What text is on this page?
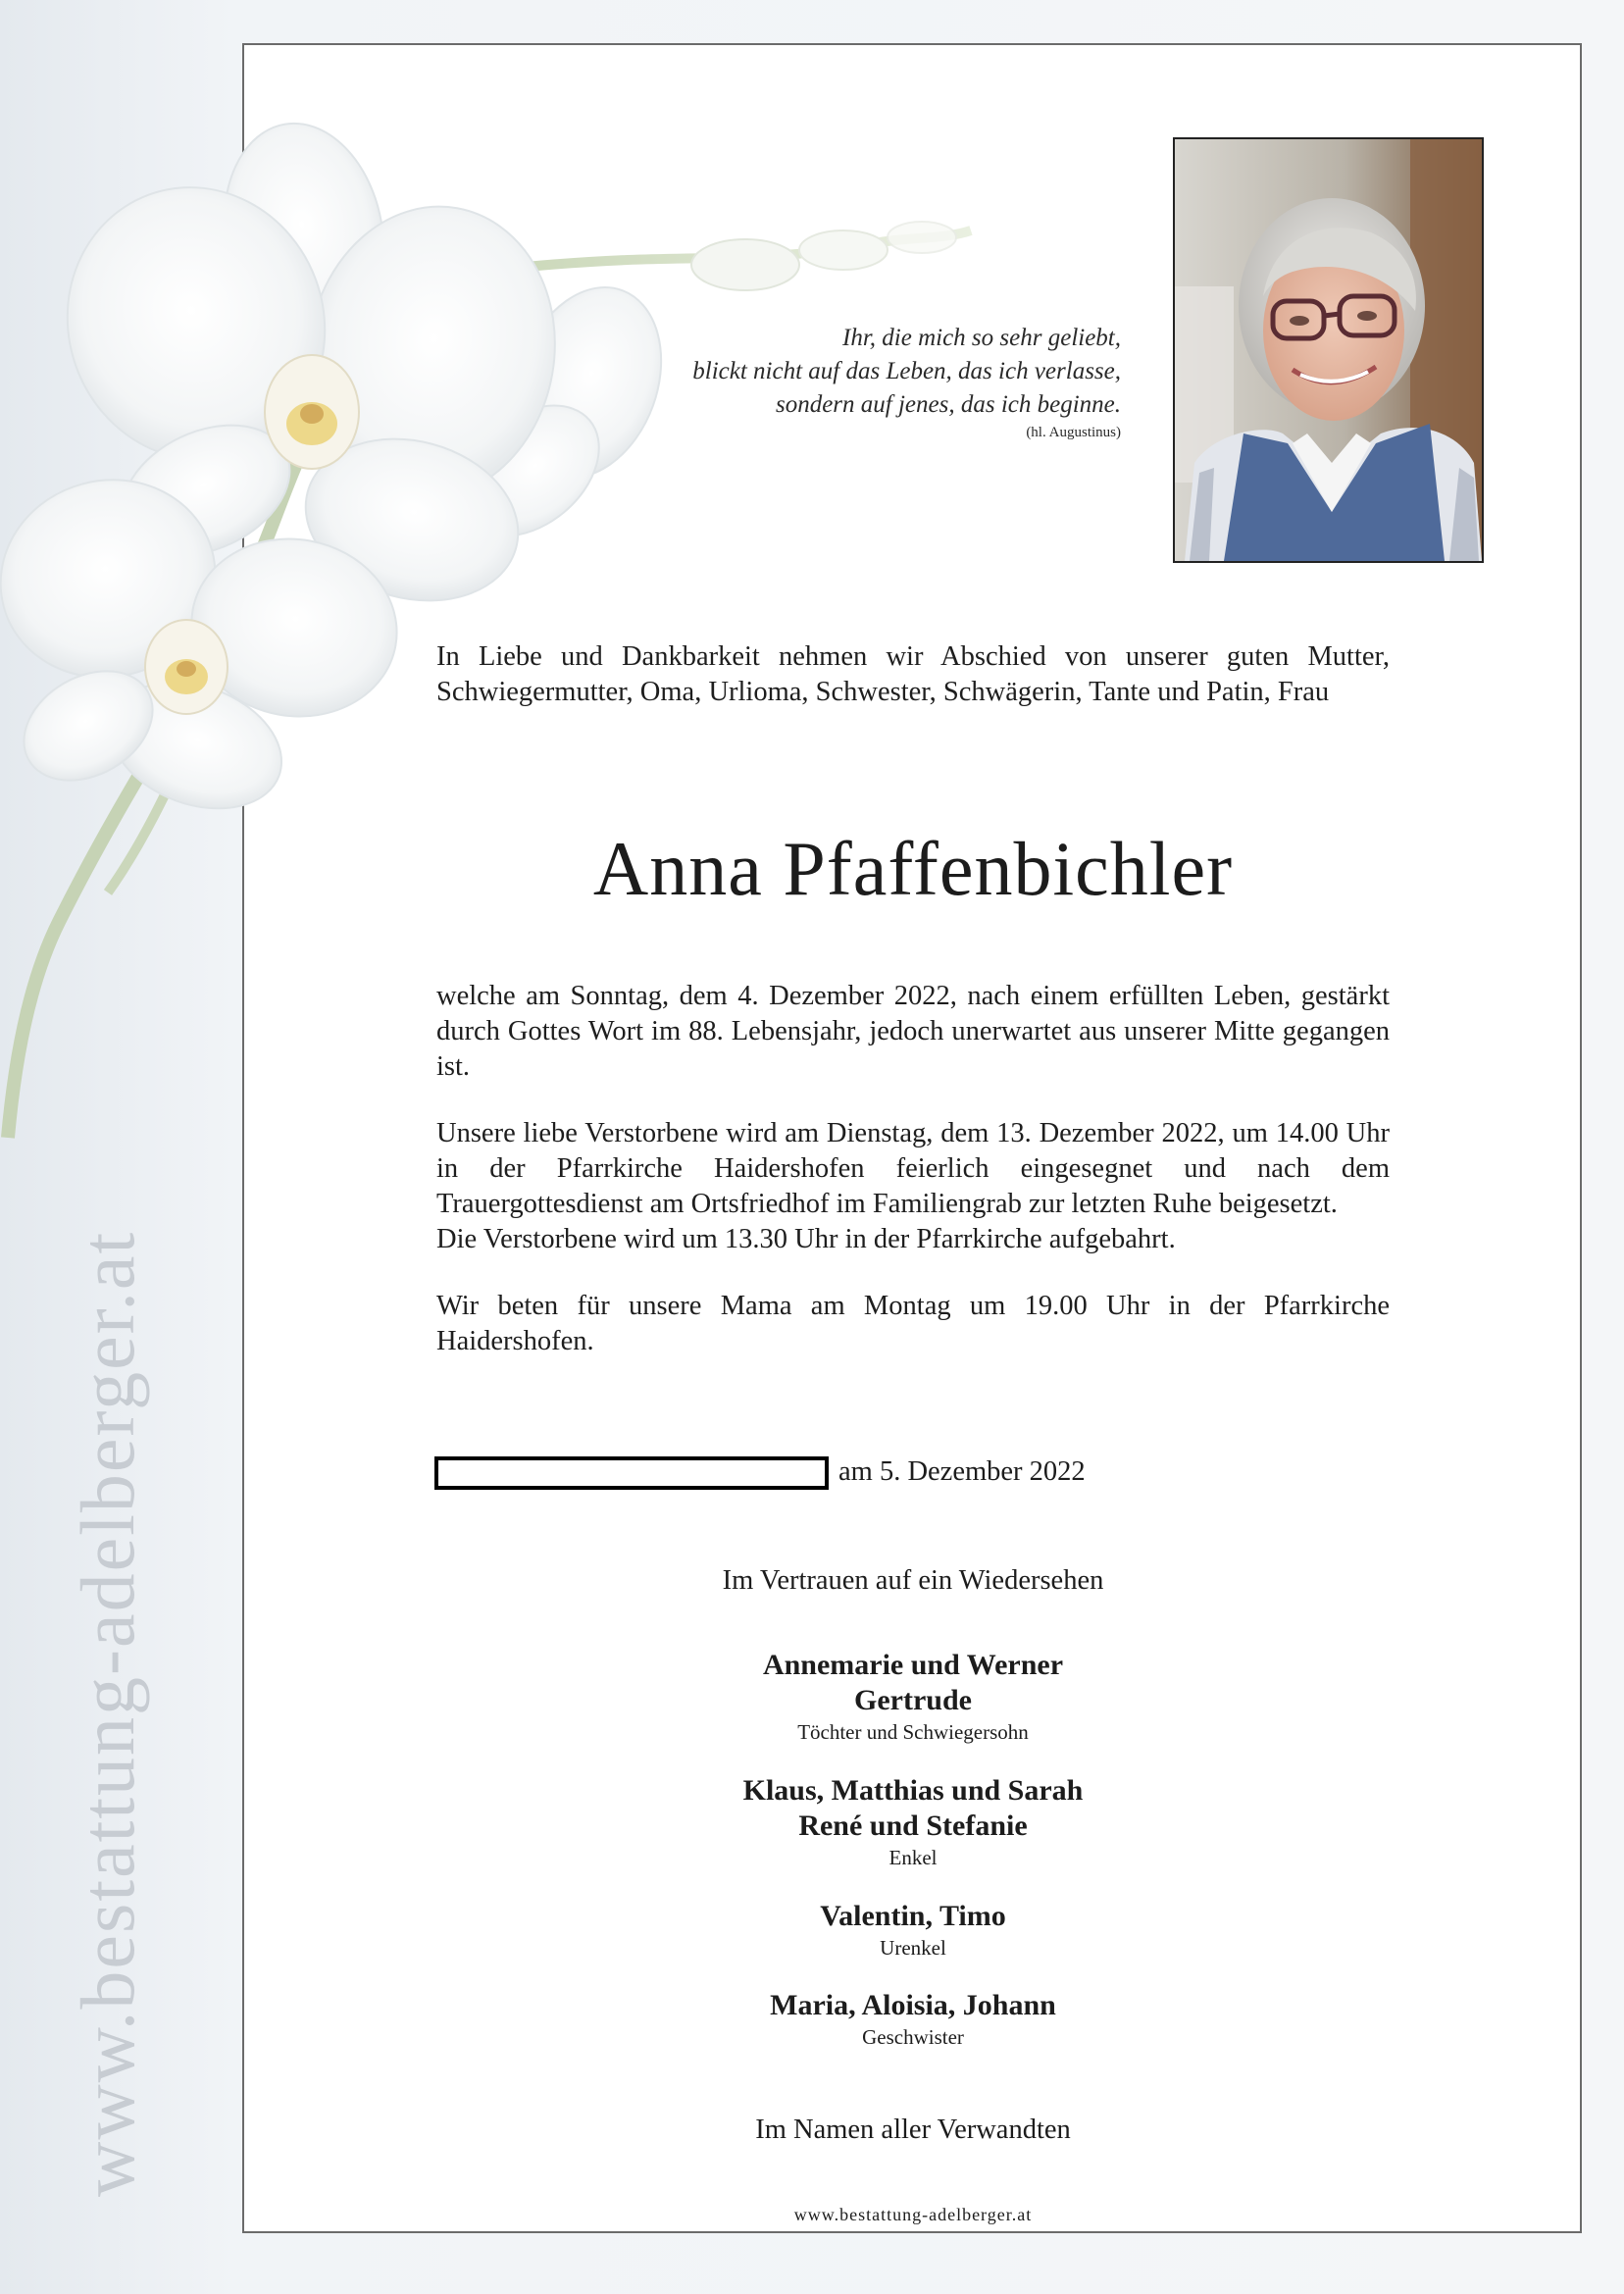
www.bestattung-adelberger.at
Ihr, die mich so sehr geliebt,
blickt nicht auf das Leben, das ich verlasse,
sondern auf jenes, das ich beginne.
(hl. Augustinus)

In Liebe und Dankbarkeit nehmen wir Abschied von unserer guten Mutter, Schwiegermutter, Oma, Urlioma, Schwester, Schwägerin, Tante und Patin, Frau

Anna Pfaffenbichler

welche am Sonntag, dem 4. Dezember 2022, nach einem erfüllten Leben, gestärkt durch Gottes Wort im 88. Lebensjahr, jedoch unerwartet aus unserer Mitte gegangen ist.

Unsere liebe Verstorbene wird am Dienstag, dem 13. Dezember 2022, um 14.00 Uhr in der Pfarrkirche Haidershofen feierlich eingesegnet und nach dem Trauergottesdienst am Ortsfriedhof im Familiengrab zur letzten Ruhe beigesetzt.

Die Verstorbene wird um 13.30 Uhr in der Pfarrkirche aufgebahrt.

Wir beten für unsere Mama am Montag um 19.00 Uhr in der Pfarrkirche Haidershofen.

am 5. Dezember 2022
Im Vertrauen auf ein Wiedersehen
Annemarie und Werner
Gertrude
Töchter und Schwiegersohn
Klaus, Matthias und Sarah
René und Stefanie
Enkel
Valentin, Timo
Urenkel
Maria, Aloisia, Johann
Geschwister
Im Namen aller Verwandten
www.bestattung-adelberger.at
